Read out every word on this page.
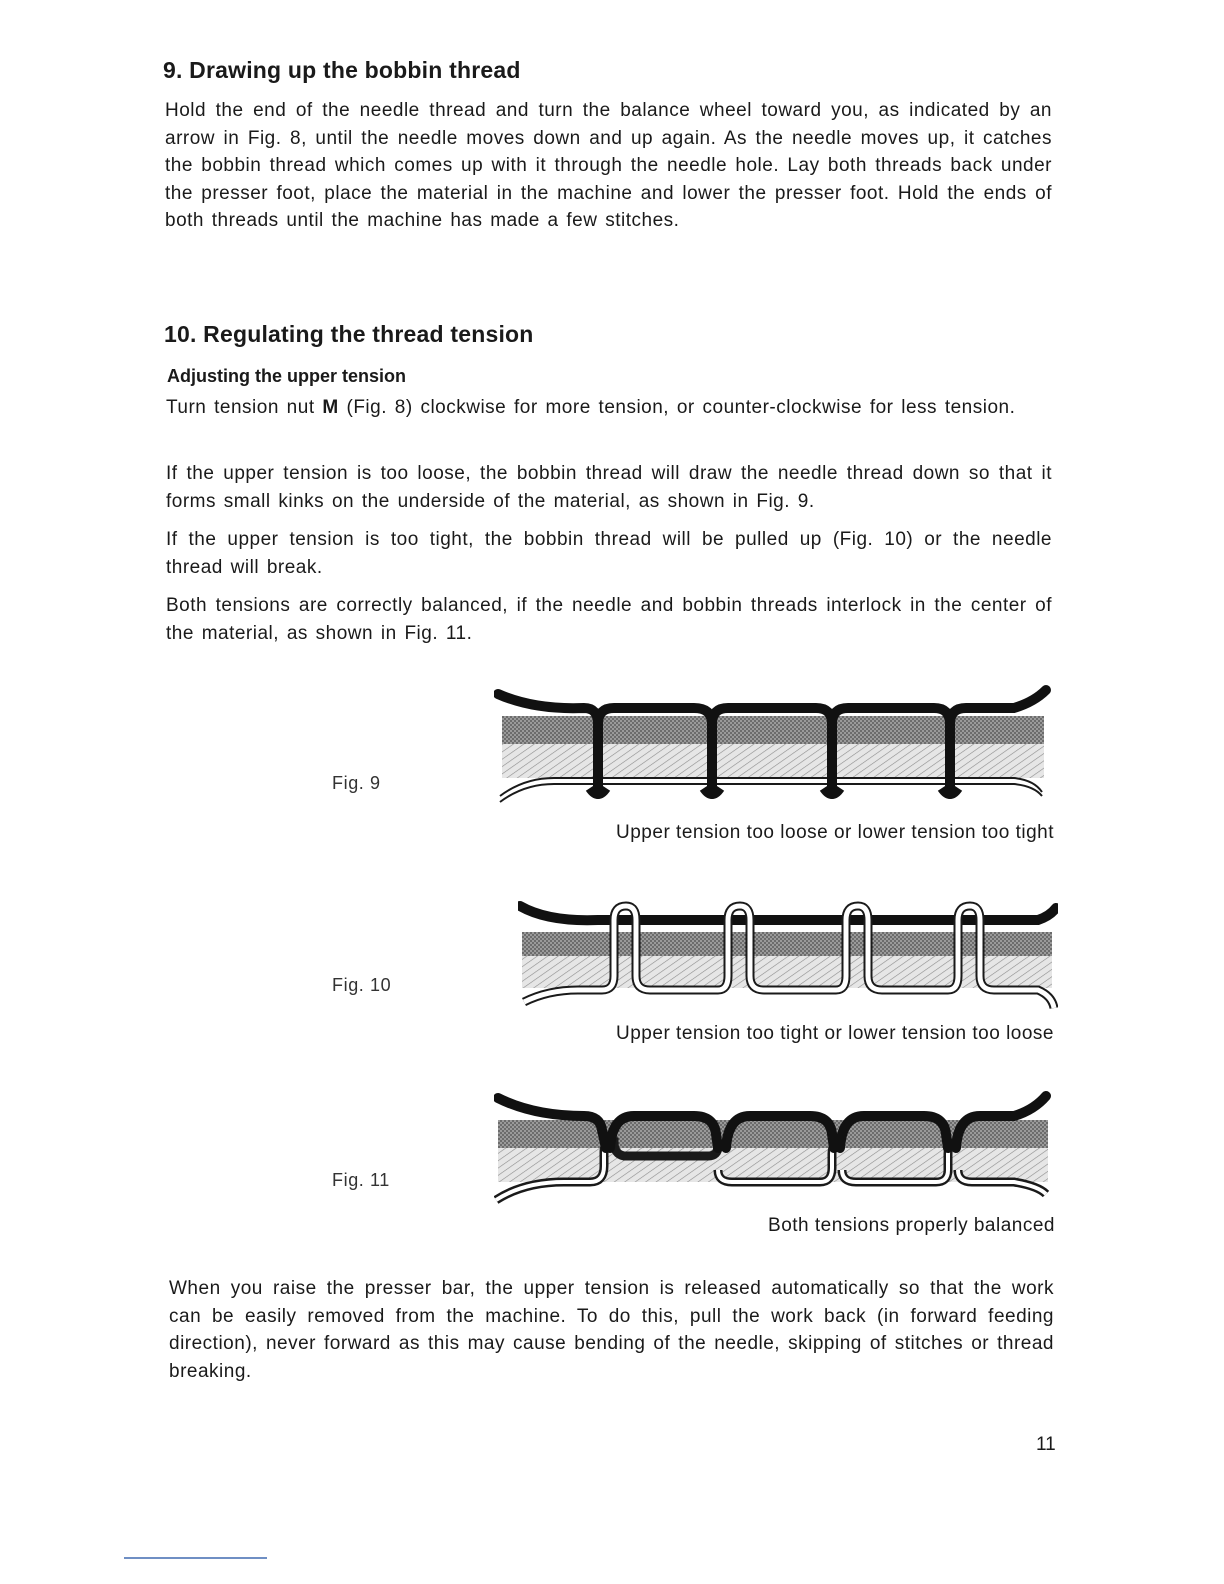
9. Drawing up the bobbin thread

Hold the end of the needle thread and turn the balance wheel toward you, as indicated by an arrow in Fig. 8, until the needle moves down and up again. As the needle moves up, it catches the bobbin thread which comes up with it through the needle hole. Lay both threads back under the presser foot, place the material in the machine and lower the presser foot. Hold the ends of both threads until the machine has made a few stitches.

10. Regulating the thread tension
Adjusting the upper tension

Turn tension nut M (Fig. 8) clockwise for more tension, or counter-clockwise for less tension.

If the upper tension is too loose, the bobbin thread will draw the needle thread down so that it forms small kinks on the underside of the material, as shown in Fig. 9.

If the upper tension is too tight, the bobbin thread will be pulled up (Fig. 10) or the needle thread will break.

Both tensions are correctly balanced, if the needle and bobbin threads interlock in the center of the material, as shown in Fig. 11.

Fig. 9
Upper tension too loose or lower tension too tight
Fig. 10
Upper tension too tight or lower tension too loose
Fig. 11
Both tensions properly balanced

When you raise the presser bar, the upper tension is released automatically so that the work can be easily removed from the machine. To do this, pull the work back (in forward feeding direction), never forward as this may cause bending of the needle, skipping of stitches or thread breaking.

11
